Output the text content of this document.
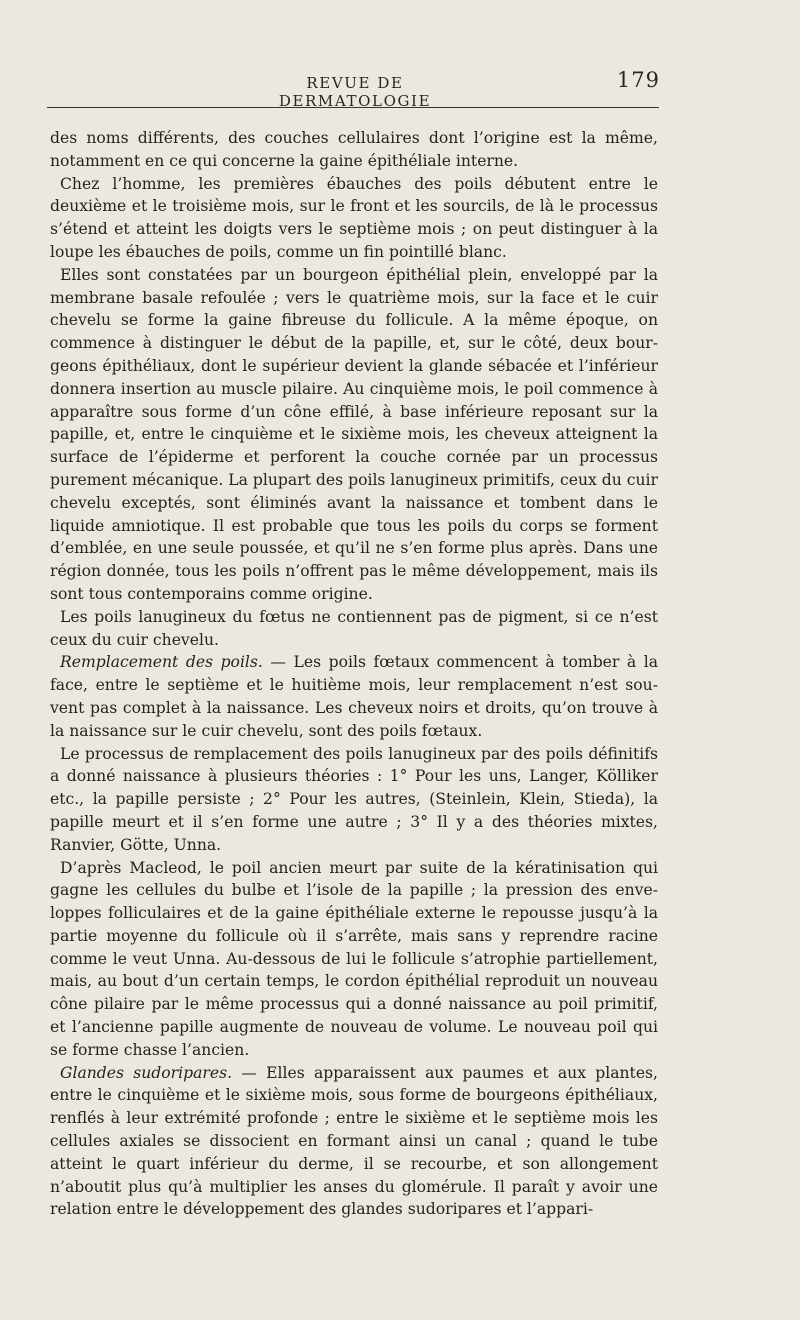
REVUE DE DERMATOLOGIE
179

des noms différents, des couches cellulaires dont l’origine est la même, notamment en ce qui concerne la gaine épithéliale interne.

Chez l’homme, les premières ébauches des poils débutent entre le deuxième et le troisième mois, sur le front et les sourcils, de là le processus s’étend et atteint les doigts vers le septième mois ; on peut distinguer à la loupe les ébauches de poils, comme un fin pointillé blanc.

Elles sont constatées par un bourgeon épithélial plein, enveloppé par la membrane basale refoulée ; vers le quatrième mois, sur la face et le cuir chevelu se forme la gaine fibreuse du follicule. A la même époque, on commence à distinguer le début de la papille, et, sur le côté, deux bourgeons épithéliaux, dont le supérieur devient la glande sébacée et l’inférieur donnera insertion au muscle pilaire. Au cinquième mois, le poil commence à apparaître sous forme d’un cône effilé, à base inférieure reposant sur la papille, et, entre le cinquième et le sixième mois, les cheveux atteignent la surface de l’épiderme et perforent la couche cornée par un processus purement mécanique. La plupart des poils lanugineux primitifs, ceux du cuir chevelu exceptés, sont éliminés avant la naissance et tombent dans le liquide amniotique. Il est probable que tous les poils du corps se forment d’emblée, en une seule poussée, et qu’il ne s’en forme plus après. Dans une région donnée, tous les poils n’offrent pas le même développement, mais ils sont tous contemporains comme origine.

Les poils lanugineux du fœtus ne contiennent pas de pigment, si ce n’est ceux du cuir chevelu.

Remplacement des poils. — Les poils fœtaux commencent à tomber à la face, entre le septième et le huitième mois, leur remplacement n’est souvent pas complet à la naissance. Les cheveux noirs et droits, qu’on trouve à la naissance sur le cuir chevelu, sont des poils fœtaux.

Le processus de remplacement des poils lanugineux par des poils définitifs a donné naissance à plusieurs théories : 1° Pour les uns, Langer, Kölliker etc., la papille persiste ; 2° Pour les autres, (Steinlein, Klein, Stieda), la papille meurt et il s’en forme une autre ; 3° Il y a des théories mixtes, Ranvier, Götte, Unna.

D’après Macleod, le poil ancien meurt par suite de la kératinisation qui gagne les cellules du bulbe et l’isole de la papille ; la pression des enveloppes folliculaires et de la gaine épithéliale externe le repousse jusqu’à la partie moyenne du follicule où il s’arrête, mais sans y reprendre racine comme le veut Unna. Au-dessous de lui le follicule s’atrophie partiellement, mais, au bout d’un certain temps, le cordon épithélial reproduit un nouveau cône pilaire par le même processus qui a donné naissance au poil primitif, et l’ancienne papille augmente de nouveau de volume. Le nouveau poil qui se forme chasse l’ancien.

Glandes sudoripares. — Elles apparaissent aux paumes et aux plantes, entre le cinquième et le sixième mois, sous forme de bourgeons épithéliaux, renflés à leur extrémité profonde ; entre le sixième et le septième mois les cellules axiales se dissocient en formant ainsi un canal ; quand le tube atteint le quart inférieur du derme, il se recourbe, et son allongement n’aboutit plus qu’à multiplier les anses du glomérule. Il paraît y avoir une relation entre le développement des glandes sudoripares et l’appari-
